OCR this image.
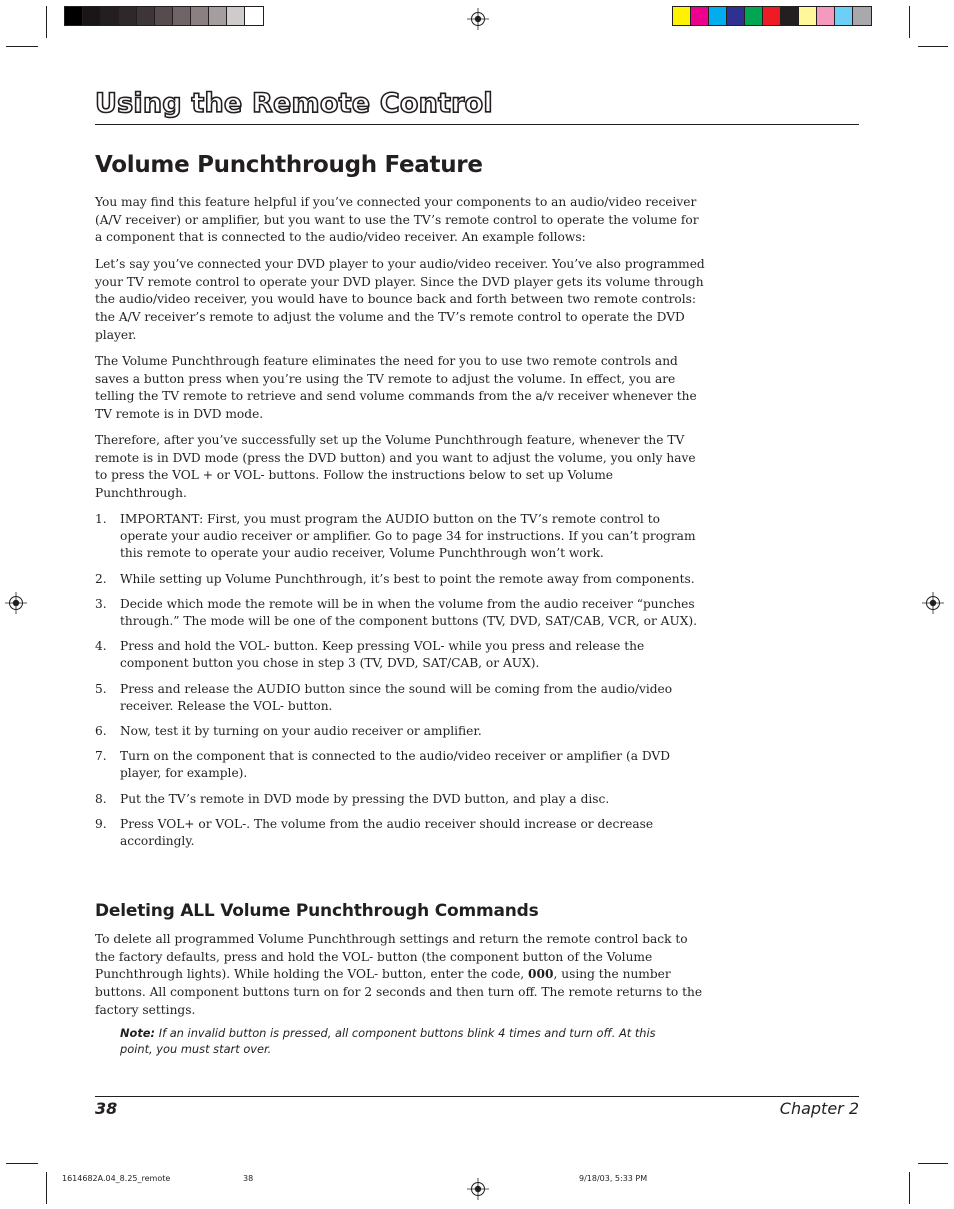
Using the Remote Control
Volume Punchthrough Feature

You may find this feature helpful if you’ve connected your components to an audio/video receiver (A/V receiver) or amplifier, but you want to use the TV’s remote control to operate the volume for a component that is connected to the audio/video receiver. An example follows:

Let’s say you’ve connected your DVD player to your audio/video receiver. You’ve also programmed your TV remote control to operate your DVD player. Since the DVD player gets its volume through the audio/video receiver, you would have to bounce back and forth between two remote controls: the A/V receiver’s remote to adjust the volume and the TV’s remote control to operate the DVD player.

The Volume Punchthrough feature eliminates the need for you to use two remote controls and saves a button press when you’re using the TV remote to adjust the volume. In effect, you are telling the TV remote to retrieve and send volume commands from the a/v receiver whenever the TV remote is in DVD mode.

Therefore, after you’ve successfully set up the Volume Punchthrough feature, whenever the TV remote is in DVD mode (press the DVD button) and you want to adjust the volume, you only have to press the VOL + or VOL- buttons. Follow the instructions below to set up Volume Punchthrough.

1. IMPORTANT: First, you must program the AUDIO button on the TV’s remote control to operate your audio receiver or amplifier. Go to page 34 for instructions. If you can’t program this remote to operate your audio receiver, Volume Punchthrough won’t work.
2. While setting up Volume Punchthrough, it’s best to point the remote away from components.
3. Decide which mode the remote will be in when the volume from the audio receiver “punches through.” The mode will be one of the component buttons (TV, DVD, SAT/CAB, VCR, or AUX).
4. Press and hold the VOL- button. Keep pressing VOL- while you press and release the component button you chose in step 3 (TV, DVD, SAT/CAB, or AUX).
5. Press and release the AUDIO button since the sound will be coming from the audio/video receiver. Release the VOL- button.
6. Now, test it by turning on your audio receiver or amplifier.
7. Turn on the component that is connected to the audio/video receiver or amplifier (a DVD player, for example).
8. Put the TV’s remote in DVD mode by pressing the DVD button, and play a disc.
9. Press VOL+ or VOL-. The volume from the audio receiver should increase or decrease accordingly.
Deleting ALL Volume Punchthrough Commands

To delete all programmed Volume Punchthrough settings and return the remote control back to the factory defaults, press and hold the VOL- button (the component button of the Volume Punchthrough lights). While holding the VOL- button, enter the code, 000, using the number buttons. All component buttons turn on for 2 seconds and then turn off. The remote returns to the factory settings.

Note: If an invalid button is pressed, all component buttons blink 4 times and turn off. At this point, you must start over.

38	Chapter 2
1614682A.04_8.25_remote	38	9/18/03, 5:33 PM
